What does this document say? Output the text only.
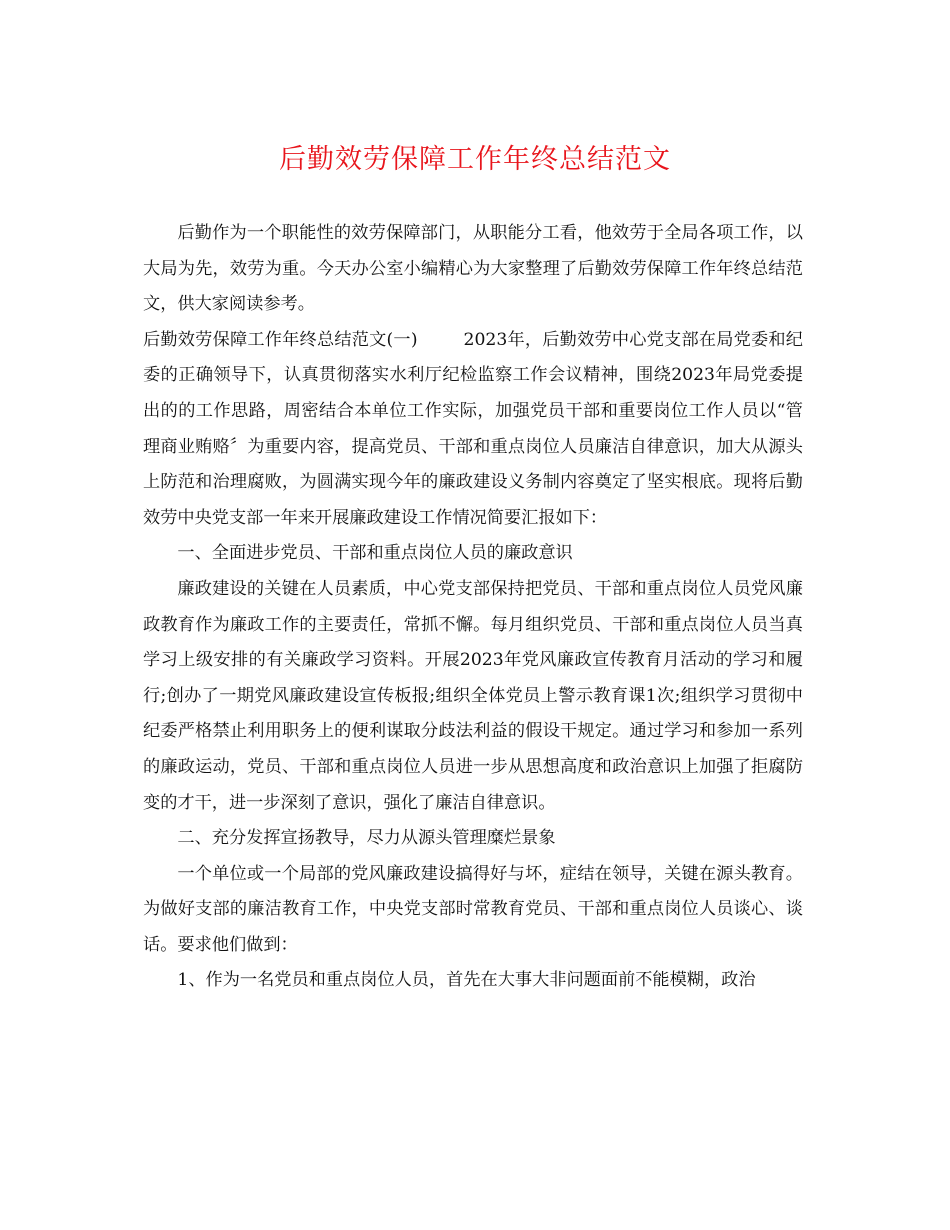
后勤效劳保障工作年终总结范文

后勤作为一个职能性的效劳保障部门，从职能分工看，他效劳于全局各项工作，以大局为先，效劳为重。今天办公室小编精心为大家整理了后勤效劳保障工作年终总结范文，供大家阅读参考。

后勤效劳保障工作年终总结范文(一)	2023年，后勤效劳中心党支部在局党委和纪委的正确领导下，认真贯彻落实水利厅纪检监察工作会议精神，围绕2023年局党委提出的的工作思路，周密结合本单位工作实际，加强党员干部和重要岗位工作人员以“管理商业贿赂〞为重要内容，提高党员、干部和重点岗位人员廉洁自律意识，加大从源头上防范和治理腐败，为圆满实现今年的廉政建设义务制内容奠定了坚实根底。现将后勤效劳中央党支部一年来开展廉政建设工作情况简要汇报如下：

一、全面进步党员、干部和重点岗位人员的廉政意识

廉政建设的关键在人员素质，中心党支部保持把党员、干部和重点岗位人员党风廉政教育作为廉政工作的主要责任，常抓不懈。每月组织党员、干部和重点岗位人员当真学习上级安排的有关廉政学习资料。开展2023年党风廉政宣传教育月活动的学习和履行;创办了一期党风廉政建设宣传板报;组织全体党员上警示教育课1次;组织学习贯彻中纪委严格禁止利用职务上的便利谋取分歧法利益的假设干规定。通过学习和参加一系列的廉政运动，党员、干部和重点岗位人员进一步从思想高度和政治意识上加强了拒腐防变的才干，进一步深刻了意识，强化了廉洁自律意识。

二、充分发挥宣扬教导，尽力从源头管理糜烂景象

一个单位或一个局部的党风廉政建设搞得好与坏，症结在领导，关键在源头教育。为做好支部的廉洁教育工作，中央党支部时常教育党员、干部和重点岗位人员谈心、谈话。要求他们做到：

1、作为一名党员和重点岗位人员，首先在大事大非问题面前不能模糊，政治
